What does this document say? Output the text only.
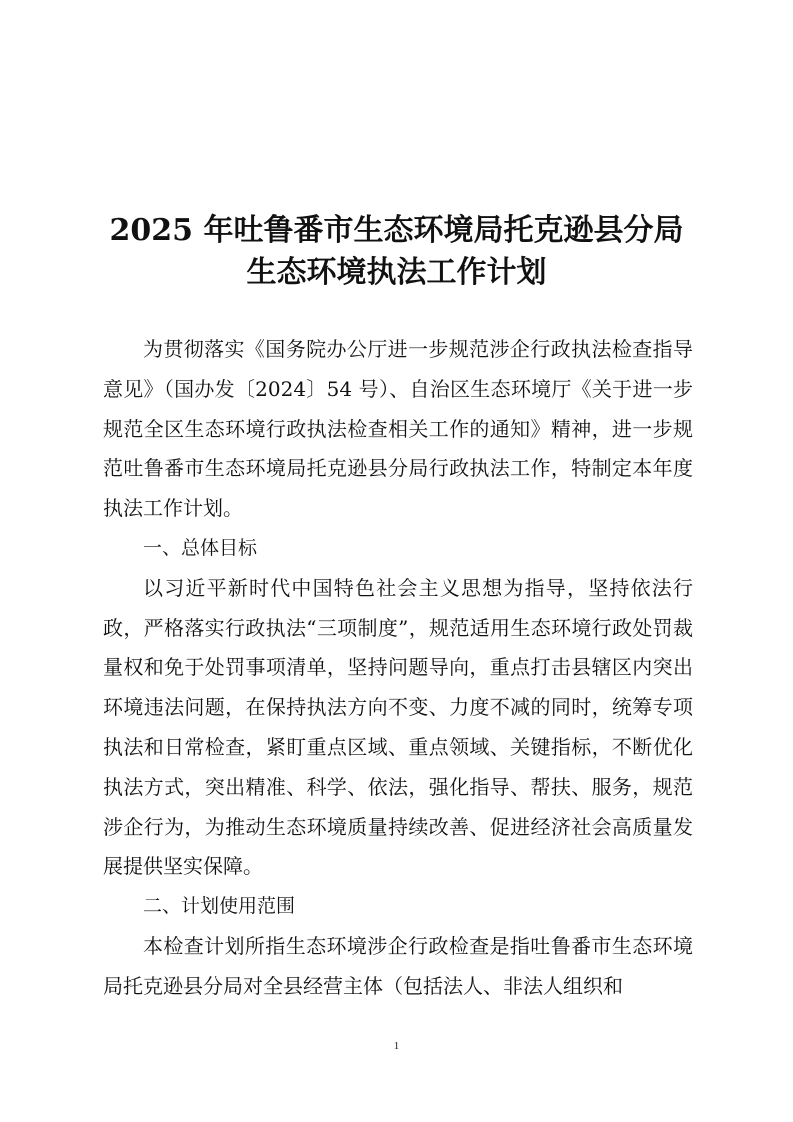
2025 年吐鲁番市生态环境局托克逊县分局
生态环境执法工作计划

为贯彻落实《国务院办公厅进一步规范涉企行政执法检查指导意见》（国办发〔2024〕54 号）、自治区生态环境厅《关于进一步规范全区生态环境行政执法检查相关工作的通知》精神，进一步规范吐鲁番市生态环境局托克逊县分局行政执法工作，特制定本年度执法工作计划。

一、总体目标

以习近平新时代中国特色社会主义思想为指导，坚持依法行政，严格落实行政执法“三项制度”，规范适用生态环境行政处罚裁量权和免于处罚事项清单，坚持问题导向，重点打击县辖区内突出环境违法问题，在保持执法方向不变、力度不减的同时，统筹专项执法和日常检查，紧盯重点区域、重点领域、关键指标，不断优化执法方式，突出精准、科学、依法，强化指导、帮扶、服务，规范涉企行为，为推动生态环境质量持续改善、促进经济社会高质量发展提供坚实保障。

二、计划使用范围

本检查计划所指生态环境涉企行政检查是指吐鲁番市生态环境局托克逊县分局对全县经营主体（包括法人、非法人组织和

1
